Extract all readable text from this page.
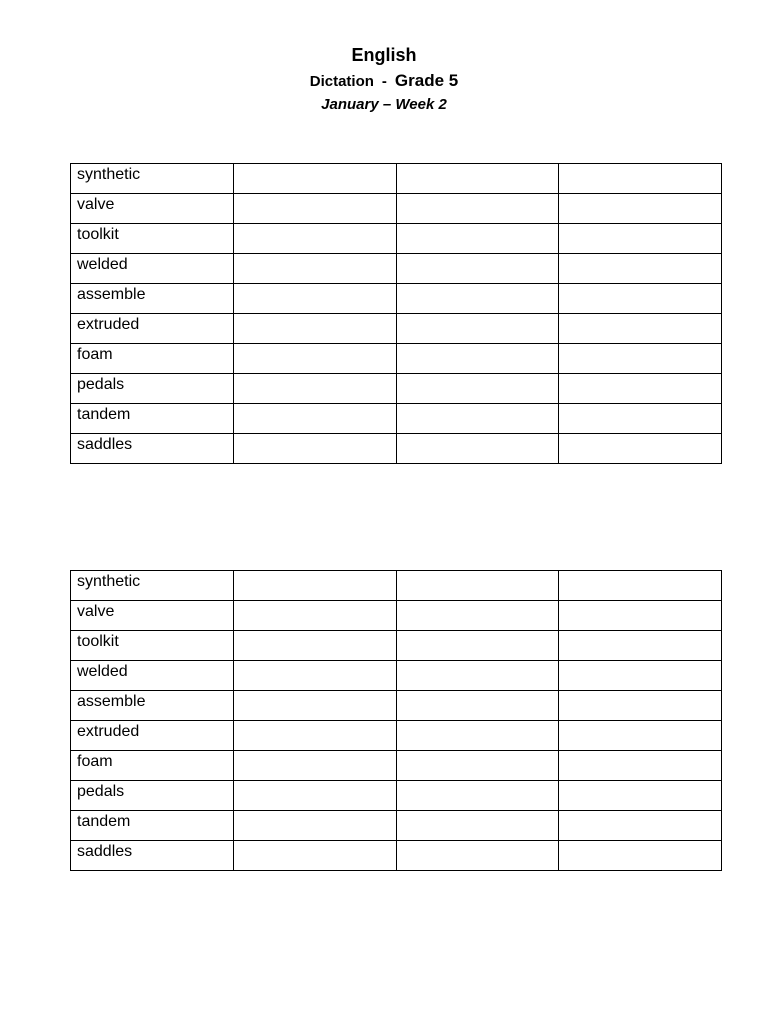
English
Dictation - Grade 5
January – Week 2
synthetic			
valve			
toolkit			
welded			
assemble			
extruded			
foam			
pedals			
tandem			
saddles			
synthetic			
valve			
toolkit			
welded			
assemble			
extruded			
foam			
pedals			
tandem			
saddles			
